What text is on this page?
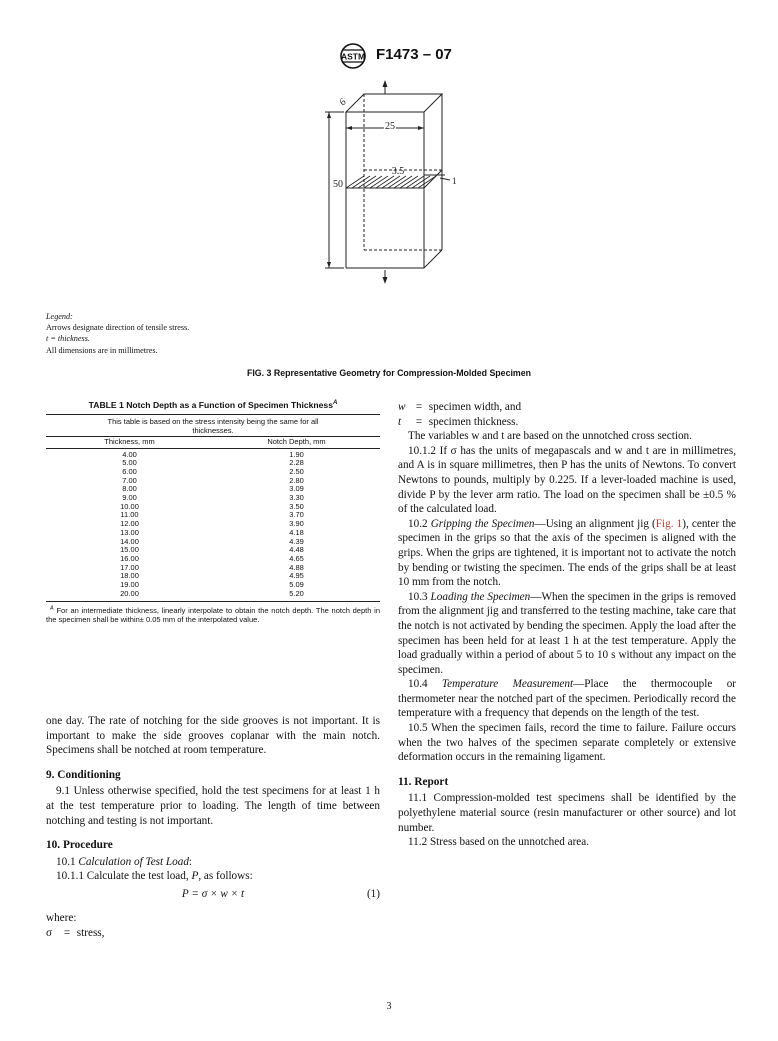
ASTM F1473 – 07
25
50
6
3.5
1
Legend:
Arrows designate direction of tensile stress.
t = thickness.
All dimensions are in millimetres.
FIG. 3 Representative Geometry for Compression-Molded Specimen
TABLE 1 Notch Depth as a Function of Specimen Thickness$^A$
This table is based on the stress intensity being the same for all thicknesses.
Thickness, mm	Notch Depth, mm

4.00	1.90
5.00	2.28
6.00	2.50
7.00	2.80
8.00	3.09
9.00	3.30
10.00	3.50
11.00	3.70
12.00	3.90
13.00	4.18
14.00	4.39
15.00	4.48
16.00	4.65
17.00	4.88
18.00	4.95
19.00	5.09
20.00	5.20
$^A$ For an intermediate thickness, linearly interpolate to obtain the notch depth. The notch depth in the specimen shall be within± 0.05 mm of the interpolated value.

one day. The rate of notching for the side grooves is not important. It is important to make the side grooves coplanar with the main notch. Specimens shall be notched at room temperature.

9. Conditioning

9.1 Unless otherwise specified, hold the test specimens for at least 1 h at the test temperature prior to loading. The length of time between notching and testing is not important.

10. Procedure

10.1 Calculation of Test Load:

10.1.1 Calculate the test load, P, as follows:

P = σ × w × t	(1)

where:

σ = stress,

w = specimen width, and

t = specimen thickness.

The variables w and t are based on the unnotched cross section.

10.1.2 If σ has the units of megapascals and w and t are in millimetres, and A is in square millimetres, then P has the units of Newtons. To convert Newtons to pounds, multiply by 0.225. If a lever-loaded machine is used, divide P by the lever arm ratio. The load on the specimen shall be ±0.5 % of the calculated load.

10.2 Gripping the Specimen—Using an alignment jig (Fig. 1), center the specimen in the grips so that the axis of the specimen is aligned with the grips. When the grips are tightened, it is important not to activate the notch by bending or twisting the specimen. The ends of the grips shall be at least 10 mm from the notch.

10.3 Loading the Specimen—When the specimen in the grips is removed from the alignment jig and transferred to the testing machine, take care that the notch is not activated by bending the specimen. Apply the load after the specimen has been held for at least 1 h at the test temperature. Apply the load gradually within a period of about 5 to 10 s without any impact on the specimen.

10.4 Temperature Measurement—Place the thermocouple or thermometer near the notched part of the specimen. Periodically record the temperature with a frequency that depends on the length of the test.

10.5 When the specimen fails, record the time to failure. Failure occurs when the two halves of the specimen separate completely or extensive deformation occurs in the remaining ligament.

11. Report

11.1 Compression-molded test specimens shall be identified by the polyethylene material source (resin manufacturer or other source) and lot number.

11.2 Stress based on the unnotched area.

3
